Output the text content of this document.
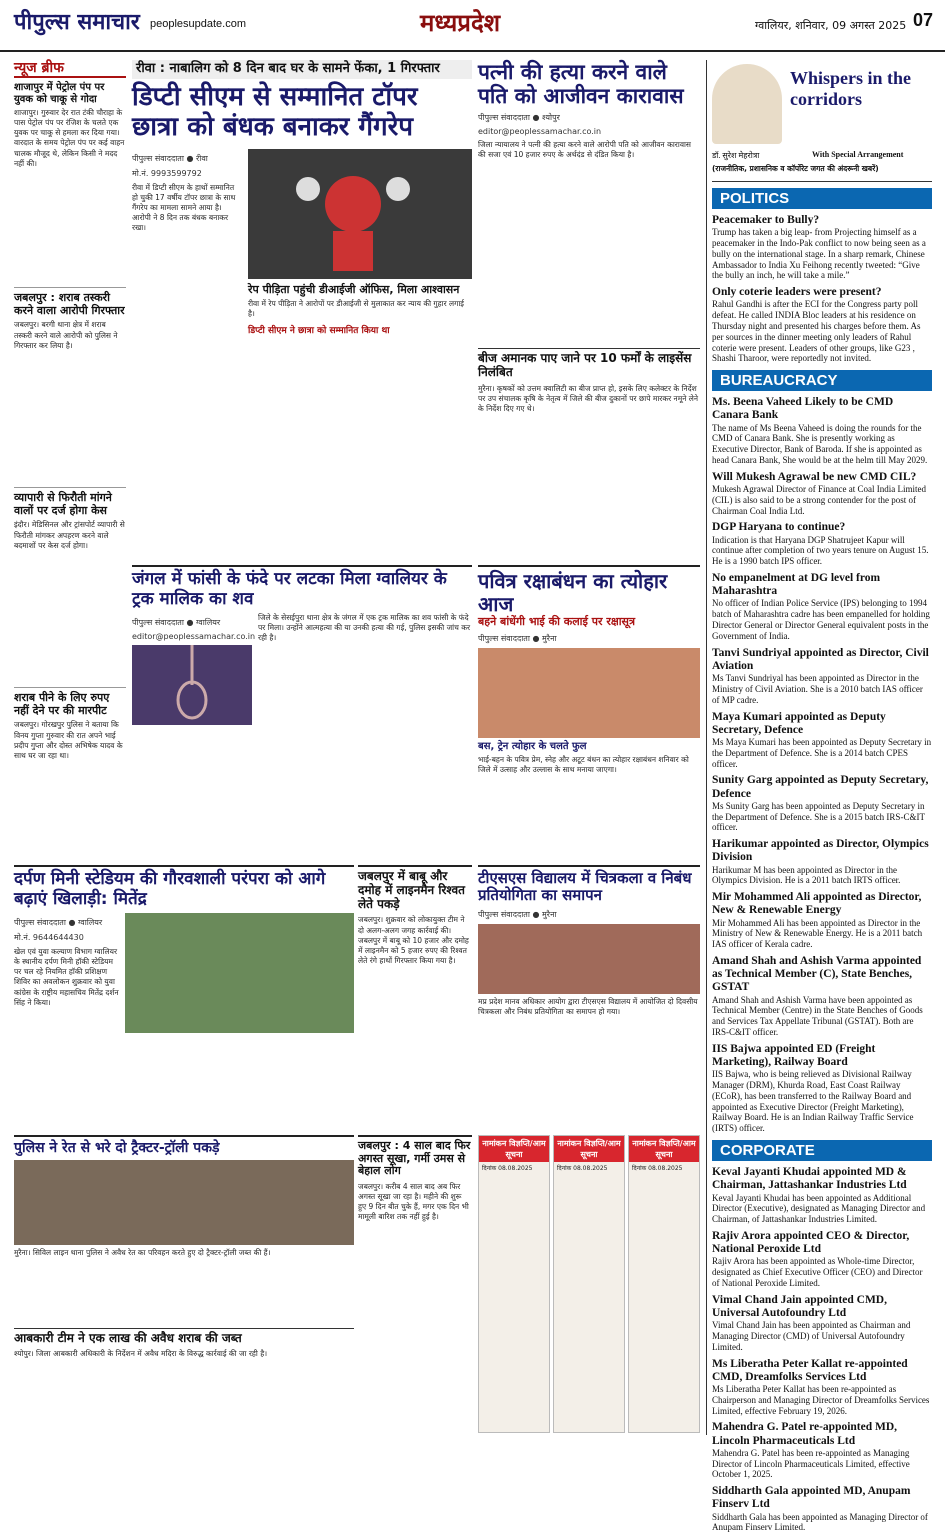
पीपुल्स समाचार peoplesupdate.com	मध्यप्रदेश	ग्वालियर, शनिवार, 09 अगस्त 2025 07
न्यूज ब्रीफ
शाजापुर में पेट्रोल पंप पर युवक को चाकू से गोदा
शाजापुर। गुरुवार देर रात टंकी चौराहा के पास पेट्रोल पंप पर रंजिश के चलते एक युवक पर चाकू से हमला कर दिया गया। वारदात के समय पेट्रोल पंप पर कई वाहन चालक मौजूद थे, लेकिन किसी ने मदद नहीं की।
जबलपुर : शराब तस्करी करने वाला आरोपी गिरफ्तार
जबलपुर। बरगी थाना क्षेत्र में शराब तस्करी करने वाले आरोपी को पुलिस ने गिरफ्तार कर लिया है।
व्यापारी से फिरौती मांगने वालों पर दर्ज होगा केस
इंदौर। मेडिसिनल और ट्रांसपोर्ट व्यापारी से फिरौती मांगकर अपहरण करने वाले बदमाशों पर केस दर्ज होगा।
शराब पीने के लिए रुपए नहीं देने पर की मारपीट
जबलपुर। गोरखपुर पुलिस ने बताया कि विनय गुप्ता गुरुवार की रात अपने भाई प्रदीप गुप्ता और दोस्त अभिषेक यादव के साथ घर जा रहा था।
रीवा : नाबालिग को 8 दिन बाद घर के सामने फेंका, 1 गिरफ्तार
डिप्टी सीएम से सम्मानित टॉपर छात्रा को बंधक बनाकर गैंगरेप
पीपुल्स संवाददाता ● रीवा
मो.नं. 9993599792
रीवा में डिप्टी सीएम के हाथों सम्मानित हो चुकी 17 वर्षीय टॉपर छात्रा के साथ गैंगरेप का मामला सामने आया है। आरोपी ने 8 दिन तक बंधक बनाकर रखा।
रेप पीड़िता पहुंची डीआईजी ऑफिस, मिला आश्वासन
रीवा में रेप पीड़िता ने आरोपों पर डीआईजी से मुलाकात कर न्याय की गुहार लगाई है।
डिप्टी सीएम ने छात्रा को सम्मानित किया था
पत्नी की हत्या करने वाले पति को आजीवन कारावास
पीपुल्स संवाददाता ● श्योपुर
editor@peoplessamachar.co.in
जिला न्यायालय ने पत्नी की हत्या करने वाले आरोपी पति को आजीवन कारावास की सजा एवं 10 हजार रुपए के अर्थदंड से दंडित किया है।
बीज अमानक पाए जाने पर 10 फर्मों के लाइसेंस निलंबित
मुरैना। कृषकों को उत्तम क्वालिटी का बीज प्राप्त हो, इसके लिए कलेक्टर के निर्देश पर उप संचालक कृषि के नेतृत्व में जिले की बीज दुकानों पर छापे मारकर नमूने लेने के निर्देश दिए गए थे।
जंगल में फांसी के फंदे पर लटका मिला ग्वालियर के ट्रक मालिक का शव
पीपुल्स संवाददाता ● ग्वालियर
editor@peoplessamachar.co.in
जिले के सेसईपुरा थाना क्षेत्र के जंगल में एक ट्रक मालिक का शव फांसी के फंदे पर मिला। उन्होंने आत्महत्या की या उनकी हत्या की गई, पुलिस इसकी जांच कर रही है।
पवित्र रक्षाबंधन का त्योहार आज
बहने बांधेंगी भाई की कलाई पर रक्षासूत्र
पीपुल्स संवाददाता ● मुरैना
बस, ट्रेन त्योहार के चलते फुल
भाई-बहन के पवित्र प्रेम, स्नेह और अटूट बंधन का त्योहार रक्षाबंधन शनिवार को जिले में उत्साह और उल्लास के साथ मनाया जाएगा।
दर्पण मिनी स्टेडियम की गौरवशाली परंपरा को आगे बढ़ाएं खिलाड़ी: मितेंद्र
पीपुल्स संवाददाता ● ग्वालियर
मो.नं. 9644644430
खेल एवं युवा कल्याण विभाग ग्वालियर के स्थानीय दर्पण मिनी हॉकी स्टेडियम पर चल रहे नियमित हॉकी प्रशिक्षण शिविर का अवलोकन शुक्रवार को युवा कांग्रेस के राष्ट्रीय महासचिव मितेंद्र दर्शन सिंह ने किया।
जबलपुर में बाबू और दमोह में लाइनमैन रिश्वत लेते पकड़े
जबलपुर। शुक्रवार को लोकायुक्त टीम ने दो अलग-अलग जगह कार्रवाई की। जबलपुर में बाबू को 10 हजार और दमोह में लाइनमैन को 5 हजार रुपए की रिश्वत लेते रंगे हाथों गिरफ्तार किया गया है।
टीएसएस विद्यालय में चित्रकला व निबंध प्रतियोगिता का समापन
पीपुल्स संवाददाता ● मुरैना
मप्र प्रदेश मानव अधिकार आयोग द्वारा टीएसएस विद्यालय में आयोजित दो दिवसीय चित्रकला और निबंध प्रतियोगिता का समापन हो गया।
पुलिस ने रेत से भरे दो ट्रैक्टर-ट्रॉली पकड़े
मुरैना। सिविल लाइन थाना पुलिस ने अवैध रेत का परिवहन करते हुए दो ट्रैक्टर-ट्रॉली जब्त की हैं।
आबकारी टीम ने एक लाख की अवैध शराब की जब्त
श्योपुर। जिला आबकारी अधिकारी के निर्देशन में अवैध मदिरा के विरुद्ध कार्रवाई की जा रही है।
जबलपुर : 4 साल बाद फिर अगस्त सूखा, गर्मी उमस से बेहाल लोग
जबलपुर। करीब 4 साल बाद अब फिर अगस्त सूखा जा रहा है। महीने की शुरू हुए 9 दिन बीत चुके हैं, मगर एक दिन भी मामूली बारिश तक नहीं हुई है।
नामांकन विज्ञप्ति/आम सूचना
दिनांक 08.08.2025
नामांकन विज्ञप्ति/आम सूचना
दिनांक 08.08.2025
नामांकन विज्ञप्ति/आम सूचना
दिनांक 08.08.2025
Whispers in the corridors
डॉ. सुरेश मेहरोत्रा	With Special Arrangement
(राजनीतिक, प्रशासनिक व कॉर्पोरेट जगत की अंदरूनी खबरें)
POLITICS
Peacemaker to Bully?

Trump has taken a big leap- from Projecting himself as a peacemaker in the Indo-Pak conflict to now being seen as a bully on the international stage. In a sharp remark, Chinese Ambassador to India Xu Feihong recently tweeted: “Give the bully an inch, he will take a mile.”

Only coterie leaders were present?

Rahul Gandhi is after the ECI for the Congress party poll defeat. He called INDIA Bloc leaders at his residence on Thursday night and presented his charges before them. As per sources in the dinner meeting only leaders of Rahul coterie were present. Leaders of other groups, like G23 , Shashi Tharoor, were reportedly not invited.

BUREAUCRACY
Ms. Beena Vaheed Likely to be CMD Canara Bank

The name of Ms Beena Vaheed is doing the rounds for the CMD of Canara Bank. She is presently working as Executive Director, Bank of Baroda. If she is appointed as head Canara Bank, She would be at the helm till May 2029.

Will Mukesh Agrawal be new CMD CIL?

Mukesh Agrawal Director of Finance at Coal India Limited (CIL) is also said to be a strong contender for the post of Chairman Coal India Ltd.

DGP Haryana to continue?

Indication is that Haryana DGP Shatrujeet Kapur will continue after completion of two years tenure on August 15. He is a 1990 batch IPS officer.

No empanelment at DG level from Maharashtra

No officer of Indian Police Service (IPS) belonging to 1994 batch of Maharashtra cadre has been empanelled for holding Director General or Director General equivalent posts in the Government of India.

Tanvi Sundriyal appointed as Director, Civil Aviation

Ms Tanvi Sundriyal has been appointed as Director in the Ministry of Civil Aviation. She is a 2010 batch IAS officer of MP cadre.

Maya Kumari appointed as Deputy Secretary, Defence

Ms Maya Kumari has been appointed as Deputy Secretary in the Department of Defence. She is a 2014 batch CPES officer.

Sunity Garg appointed as Deputy Secretary, Defence

Ms Sunity Garg has been appointed as Deputy Secretary in the Department of Defence. She is a 2015 batch IRS-C&IT officer.

Harikumar appointed as Director, Olympics Division

Harikumar M has been appointed as Director in the Olympics Division. He is a 2011 batch IRTS officer.

Mir Mohammed Ali appointed as Director, New & Renewable Energy

Mir Mohammed Ali has been appointed as Director in the Ministry of New & Renewable Energy. He is a 2011 batch IAS officer of Kerala cadre.

Amand Shah and Ashish Varma appointed as Technical Member (C), State Benches, GSTAT

Amand Shah and Ashish Varma have been appointed as Technical Member (Centre) in the State Benches of Goods and Services Tax Appellate Tribunal (GSTAT). Both are IRS-C&IT officer.

IIS Bajwa appointed ED (Freight Marketing), Railway Board

IIS Bajwa, who is being relieved as Divisional Railway Manager (DRM), Khurda Road, East Coast Railway (ECoR), has been transferred to the Railway Board and appointed as Executive Director (Freight Marketing), Railway Board. He is an Indian Railway Traffic Service (IRTS) officer.

CORPORATE
Keval Jayanti Khudai appointed MD & Chairman, Jattashankar Industries Ltd

Keval Jayanti Khudai has been appointed as Additional Director (Executive), designated as Managing Director and Chairman, of Jattashankar Industries Limited.

Rajiv Arora appointed CEO & Director, National Peroxide Ltd

Rajiv Arora has been appointed as Whole-time Director, designated as Chief Executive Officer (CEO) and Director of National Peroxide Limited.

Vimal Chand Jain appointed CMD, Universal Autofoundry Ltd

Vimal Chand Jain has been appointed as Chairman and Managing Director (CMD) of Universal Autofoundry Limited.

Ms Liberatha Peter Kallat re-appointed CMD, Dreamfolks Services Ltd

Ms Liberatha Peter Kallat has been re-appointed as Chairperson and Managing Director of Dreamfolks Services Limited, effective February 19, 2026.

Mahendra G. Patel re-appointed MD, Lincoln Pharmaceuticals Ltd

Mahendra G. Patel has been re-appointed as Managing Director of Lincoln Pharmaceuticals Limited, effective October 1, 2025.

Siddharth Gala appointed MD, Anupam Finserv Ltd

Siddharth Gala has been appointed as Managing Director of Anupam Finserv Limited.
